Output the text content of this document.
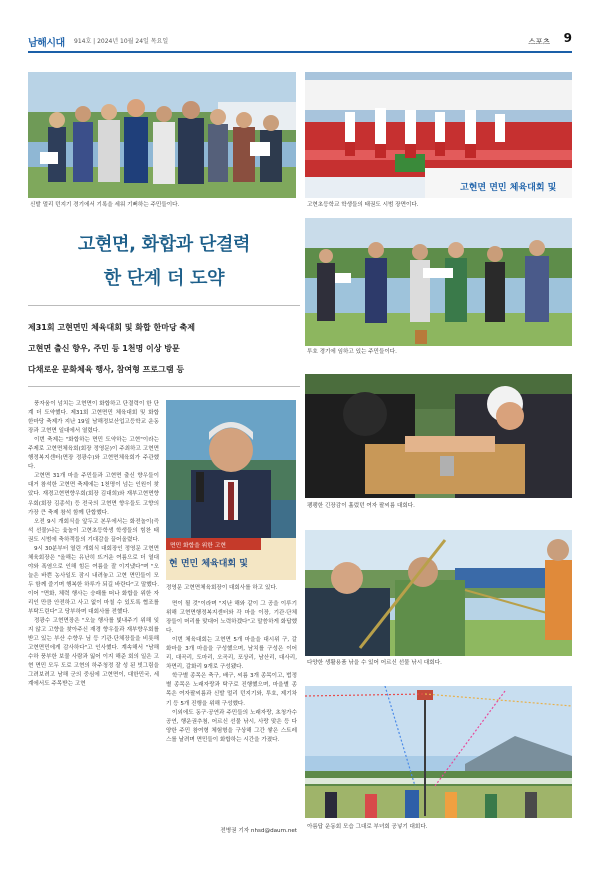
남해시대 914호 | 2024년 10월 24일 목요일	스포츠 9
신발 멀리 던지기 경기에서 기록을 세워 기뻐하는 주민들이다.
고현면 면민 체육대회 및
고현초등학교 학생들의 태권도 시범 장면이다.
투호 경기에 임하고 있는 주민들이다.
고현면, 화합과 단결력
한 단계 더 도약
제31회 고현면민 체육대회 및 화합 한마당 축제
고현면 출신 향우, 주민 등 1천명 이상 방문
다채로운 문화체육 행사, 참여형 프로그램 등
팽팽한 긴장감이 흘렀던 여자 팔씨름 대회다.

풍자움이 넘치는 고현면이 화합하고 단결력이 한 단계 더 도약했다. 제31회 고현면민 체육대회 및 화합 한마당 축제가 지난 19일 남해정보산업고등학교 운동장과 고현면 일대에서 열렸다.

이번 축제는 "화합하는 면민 도약하는 고현"이라는 주제로 고현면체육회(회장 정영문)이 주최하고 고현면행정복지센터(면장 정광수)와 고현면체육회가 주관했다.

고현면 31개 마을 주민들과 고현면 출신 향우들이 대거 참석한 고현면 축제에는 1천명이 넘는 인원이 찾았다. 재경고현면향우회(회장 김대희)와 재부고현면향우회(회장 김종석) 등 전국의 고현면 향우들도 고향의 가장 큰 축제 참석 함께 단합했다.

오전 9시 개회식을 앞두고 본무에서는 화전놀이(즉석 선물)나는 윷놀이 고현초등학생 학생들의 힘찬 태권도 시범에 축하객들의 기대감을 끌어올렸다.

9시 30분부터 열린 개회식 대회장인 정영문 고현면체육회장은 "올해는 유난히 뜨거운 여름으로 더 열대야와 폭염으로 인해 힘든 여름을 잘 이겨냈다"며 "오늘은 바쁜 농사일도 잠시 내려놓고 고현 면민들이 모두 함께 즐기며 행복한 하루가 되길 바란다"고 말했다. 이어 "면화, 체력 행사는 승패를 떠나 화합을 위한 자리인 만큼 안전하고 사고 없이 마칠 수 있도록 협조를 부탁드린다"고 당부하며 대회사를 전했다.

정광수 고현면장은 "오늘 행사를 빛내주기 위해 잊지 않고 고향을 찾아주신 재경 향우들과 재부향우회를 받고 있는 부산 수향우 님 등 기관·단체장들을 비롯해 고현면민에게 감사하다"고 인사했다. 계속해서 "남해 수하 풍부한 보물 사람과 잃어 이지 해준 회의 일은 고현 면민 모두 도로 고현의 하주청정 잘 성 된 빗그림을 그려보려고 남해 군의 중심에 고현면이, 대한민국, 세계에서도 주목받는 고현

면민 화합을 위한 고현
현 면민 체육대회 및
정영문 고현면체육회장이 대회사를 하고 있다.

면이 될 것"이라며 "지난 해와 같이 그 공을 이루기 위해 고현면행정복지센터와 각 마을 이장, 기관·단체장들이 머리를 맞대어 노력하겠다"고 말씀하게 화답했다.

이번 체육대회는 고현면 5개 마을을 대시위 구, 갈화마을 3개 마을을 구성했으며, 남치를 구성은 이어리, 대곡리, 도마리, 오곡리, 포상리, 남산리, 대사리, 차면리, 갈화리 9개로 구성됐다.

학구별 종목은 축구, 배구, 씨름 3개 종목이고, 법정별 종목은 노래자랑과 탁구로 진행했으며, 마을별 종목은 여자팔씨름과 신발 멀리 던지기와, 투호, 제기차기 등 5개 진행을 위해 구성했다.

이외에도 동구·공연과 주민들의 노래자랑, 초청가수 공연, 행운권추첨, 어르신 선물 낚시, 사랑 맞은 등 다양한 주민 참여형 체험형을 구상해 그간 쌓은 스트레스를 날려며 면민들이 화합하는 시간을 가졌다.

전병권 기자 nhsd@daum.net
다양한 생활용품 낚을 수 있어 어르신 선물 낚시 대회다.
아름답 운동회 모습 그대로 부녀회 공넣기 대회다.
